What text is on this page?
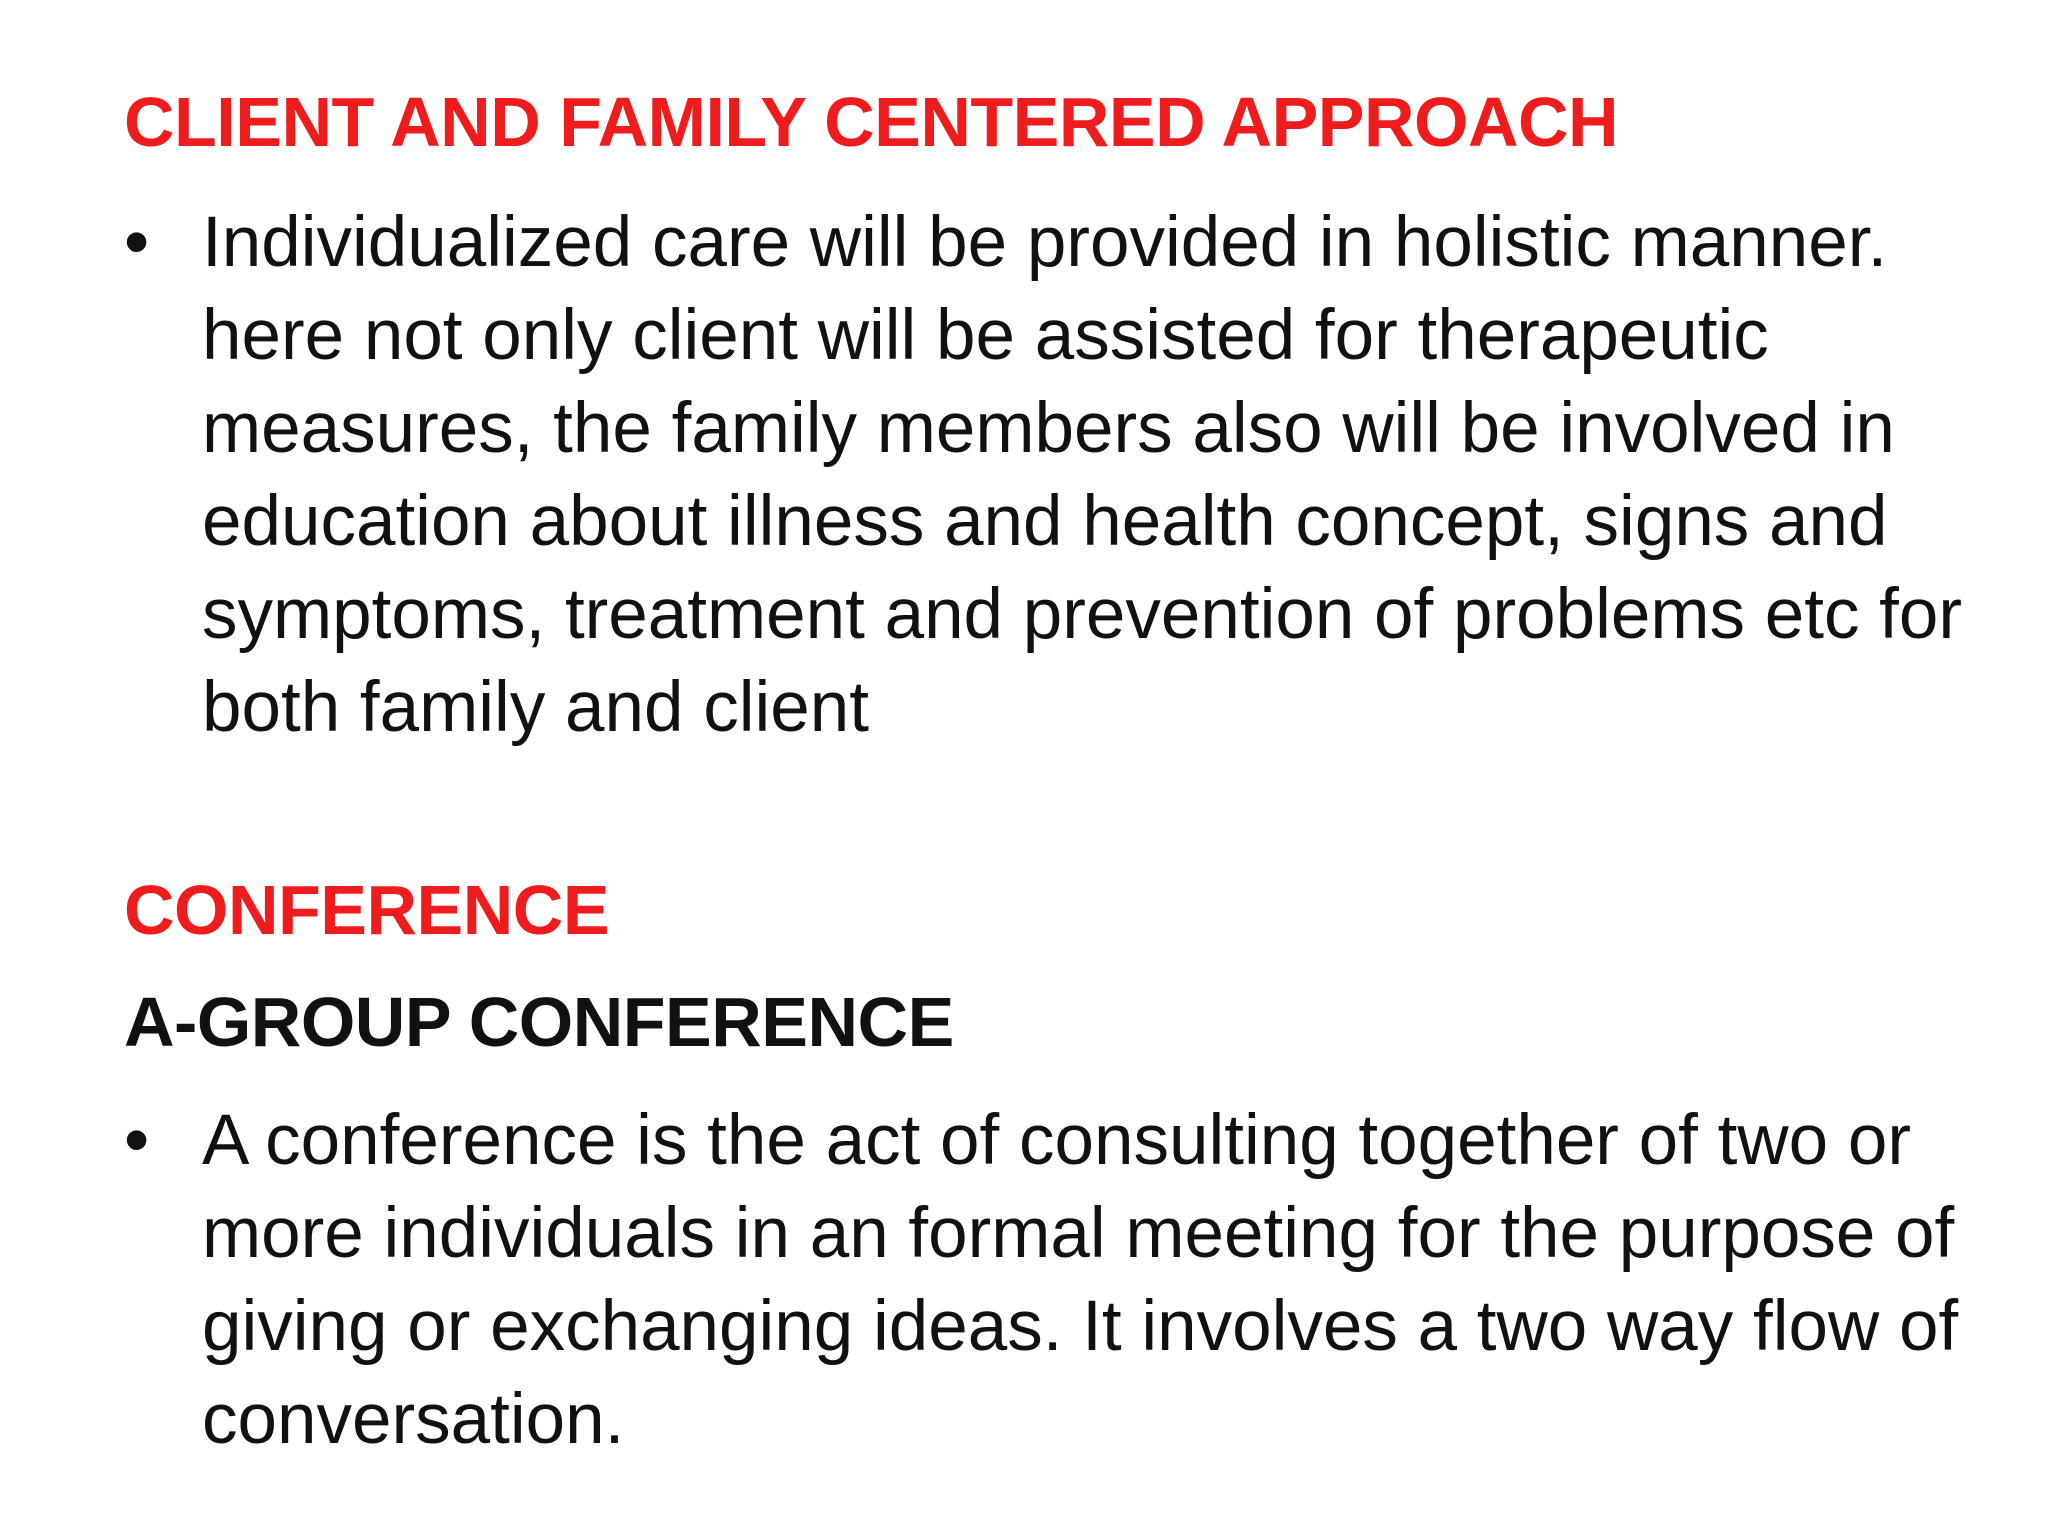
CLIENT AND FAMILY CENTERED APPROACH
• Individualized care will be provided in holistic manner. here not only client will be assisted for therapeutic measures, the family members also will be involved in education about illness and health concept, signs and symptoms, treatment and prevention of problems etc for both family and client
CONFERENCE
A-GROUP CONFERENCE
• A conference is the act of consulting together of two or more individuals in an formal meeting for the purpose of giving or exchanging ideas. It involves a two way flow of conversation.
